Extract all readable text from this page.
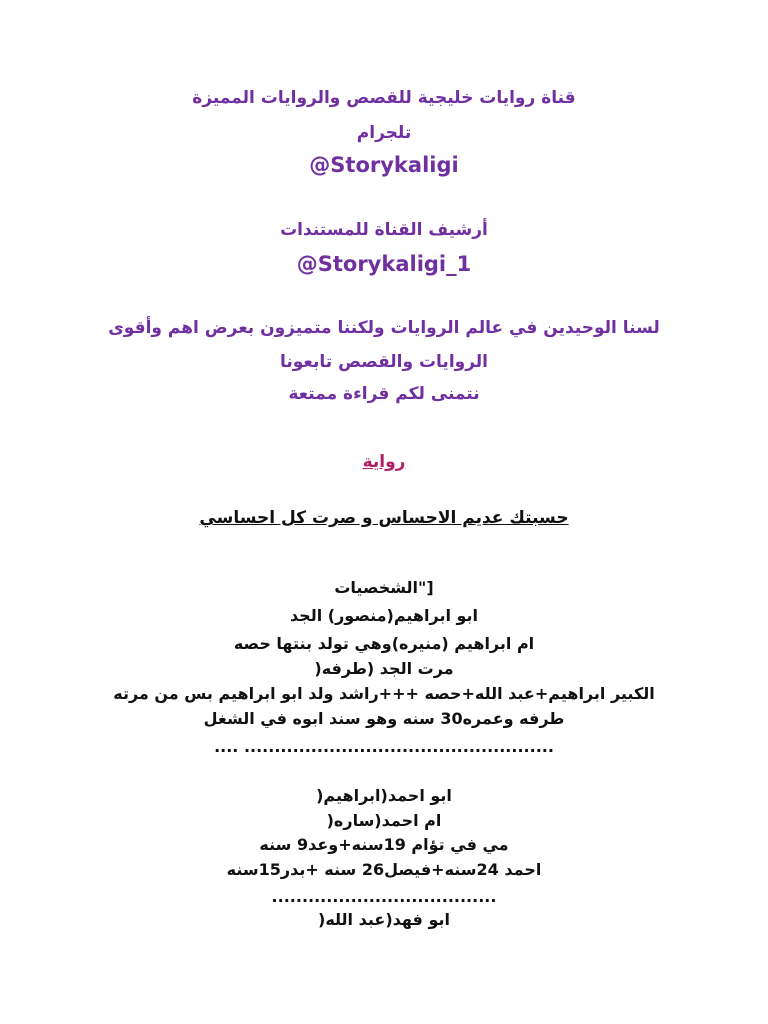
قناة روايات خليجية للقصص والروايات المميزة
تلجرام
@Storykaligi
أرشيف القناة للمستندات
@Storykaligi_1
لسنا الوحيدين في عالم الروايات ولكننا متميزون بعرض اهم وأقوى
الروايات والقصص تابعونا
نتمنى لكم قراءة ممتعة
رواية
حسبتك عديم الاحساس و صرت كل احساسي
["الشخصيات
ابو ابراهيم(منصور) الجد
ام ابراهيم (منيره)وهي تولد بنتها حصه
مرت الجد (طرفه(
الكبير ابراهيم+عبد الله+حصه +++راشد ولد ابو ابراهيم بس من مرته
طرفه وعمره30 سنه وهو سند ابوه في الشغل
................................................... ....
ابو احمد(ابراهيم(
ام احمد(ساره(
مي في تؤام 19سنه+وعد9 سنه
احمد 24سنه+فيصل26 سنه +بدر15سنه
.....................................
ابو فهد(عبد الله(
